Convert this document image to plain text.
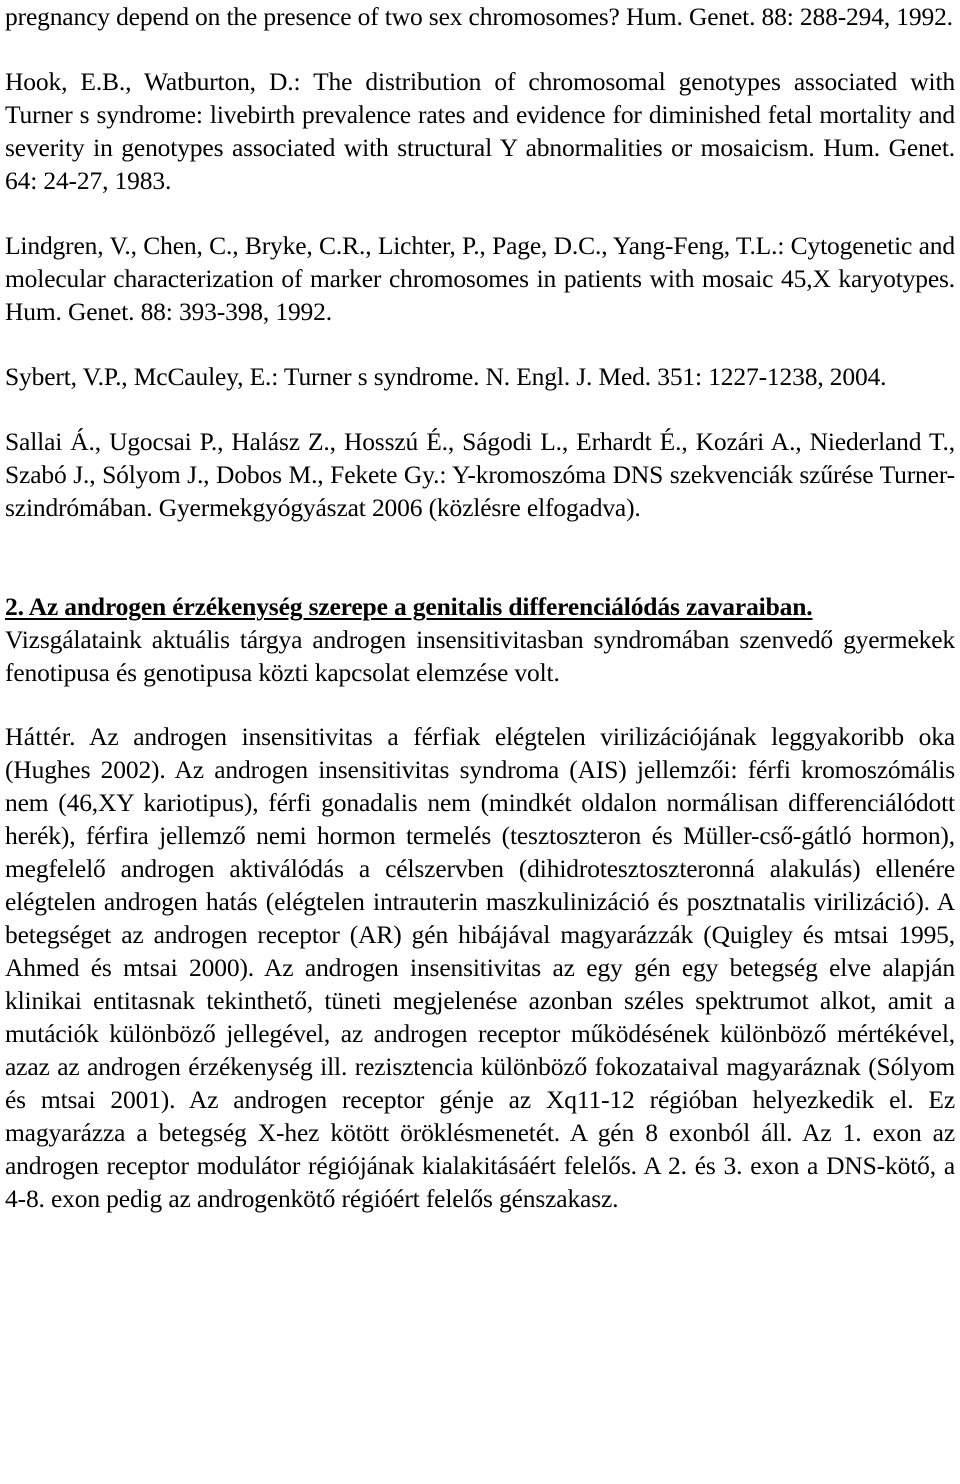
pregnancy depend on the presence of two sex chromosomes? Hum. Genet. 88: 288-294, 1992.

Hook, E.B., Watburton, D.: The distribution of chromosomal genotypes associated with Turner s syndrome: livebirth prevalence rates and evidence for diminished fetal mortality and severity in genotypes associated with structural Y abnormalities or mosaicism. Hum. Genet. 64: 24-27, 1983.

Lindgren, V., Chen, C., Bryke, C.R., Lichter, P., Page, D.C., Yang-Feng, T.L.: Cytogenetic and molecular characterization of marker chromosomes in patients with mosaic 45,X karyotypes. Hum. Genet. 88: 393-398, 1992.

Sybert, V.P., McCauley, E.: Turner s syndrome. N. Engl. J. Med. 351: 1227-1238, 2004.

Sallai Á., Ugocsai P., Halász Z., Hosszú É., Ságodi L., Erhardt É., Kozári A., Niederland T., Szabó J., Sólyom J., Dobos M., Fekete Gy.: Y-kromoszóma DNS szekvenciák szűrése Turner-szindrómában. Gyermekgyógyászat 2006 (közlésre elfogadva).

2. Az androgen érzékenység szerepe a genitalis differenciálódás zavaraiban.

Vizsgálataink aktuális tárgya androgen insensitivitasban syndromában szenvedő gyermekek fenotipusa és genotipusa közti kapcsolat elemzése volt.

Háttér. Az androgen insensitivitas a férfiak elégtelen virilizációjának leggyakoribb oka (Hughes 2002). Az androgen insensitivitas syndroma (AIS) jellemzői: férfi kromoszómális nem (46,XY kariotipus), férfi gonadalis nem (mindkét oldalon normálisan differenciálódott herék), férfira jellemző nemi hormon termelés (tesztoszteron és Müller-cső-gátló hormon), megfelelő androgen aktiválódás a célszervben (dihidrotesztoszteronná alakulás) ellenére elégtelen androgen hatás (elégtelen intrauterin maszkulinizáció és posztnatalis virilizáció). A betegséget az androgen receptor (AR) gén hibájával magyarázzák (Quigley és mtsai 1995, Ahmed és mtsai 2000). Az androgen insensitivitas az egy gén egy betegség elve alapján klinikai entitasnak tekinthető, tüneti megjelenése azonban széles spektrumot alkot, amit a mutációk különböző jellegével, az androgen receptor működésének különböző mértékével, azaz az androgen érzékenység ill. rezisztencia különböző fokozataival magyaráznak (Sólyom és mtsai 2001). Az androgen receptor génje az Xq11-12 régióban helyezkedik el. Ez magyarázza a betegség X-hez kötött öröklésmenetét. A gén 8 exonból áll. Az 1. exon az androgen receptor modulátor régiójának kialakitásáért felelős. A 2. és 3. exon a DNS-kötő, a 4-8. exon pedig az androgenkötő régióért felelős génszakasz.
